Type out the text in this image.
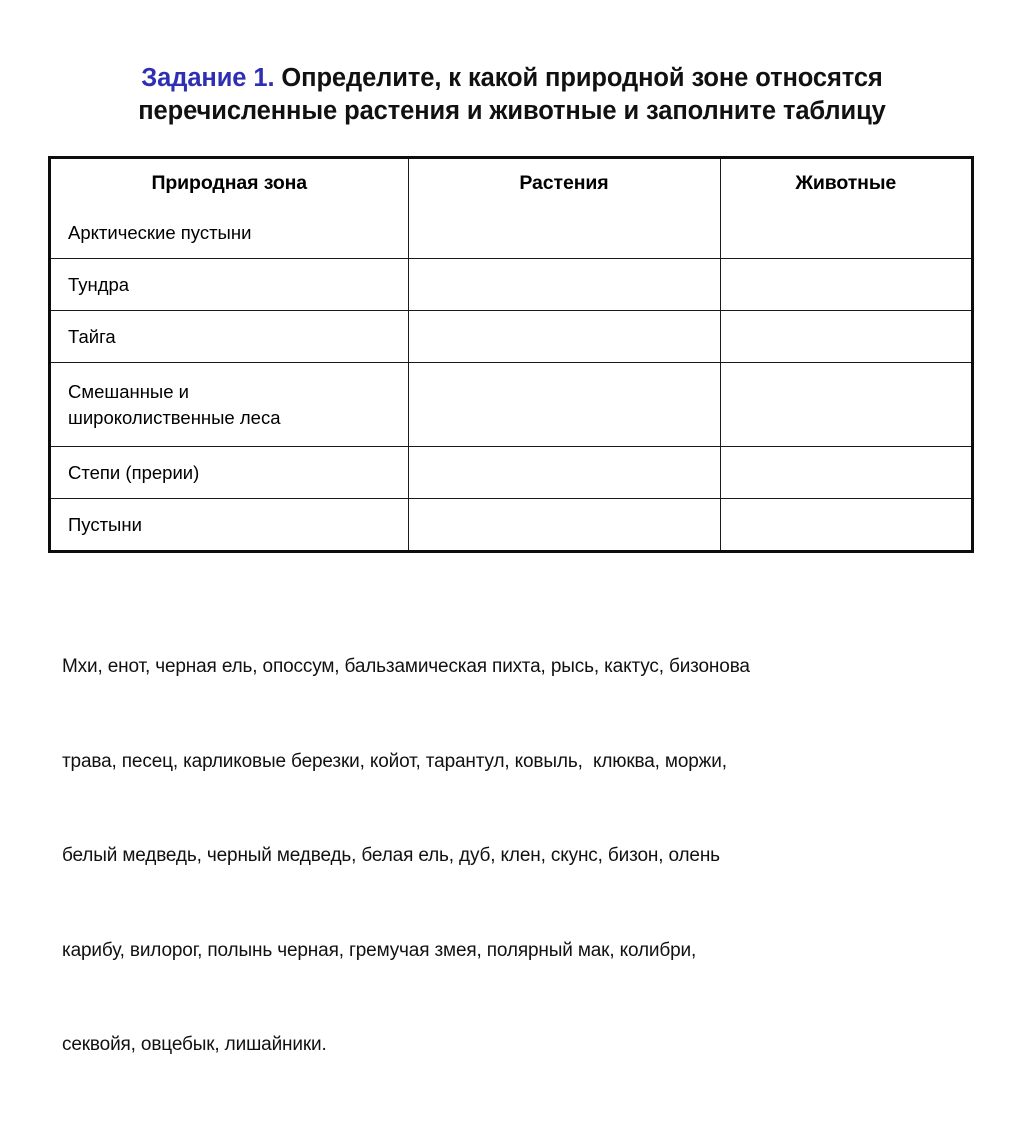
Задание 1. Определите, к какой природной зоне относятся
перечисленные растения и животные и заполните таблицу
Природная зона	Растения	Животные

Арктические пустыни		

Тундра		

Тайга		

Смешанные и
широколиственные леса		

Степи (прерии)		

Пустыни		

Мхи, енот, черная ель, опоссум, бальзамическая пихта, рысь, кактус, бизонова

трава, песец, карликовые березки, койот, тарантул, ковыль,  клюква, моржи,

белый медведь, черный медведь, белая ель, дуб, клен, скунс, бизон, олень

карибу, вилорог, полынь черная, гремучая змея, полярный мак, колибри,

секвойя, овцебык, лишайники.
